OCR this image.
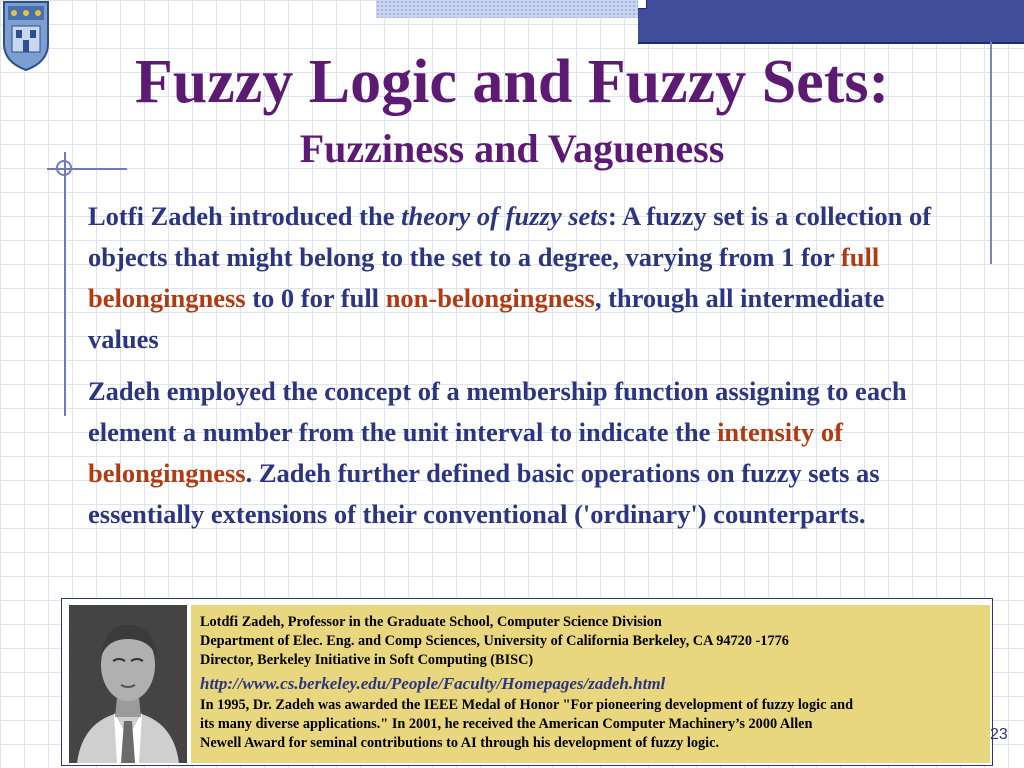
Fuzzy Logic and Fuzzy Sets:
Fuzziness and Vagueness

Lotfi Zadeh introduced the theory of fuzzy sets: A fuzzy set is a collection of objects that might belong to the set to a degree, varying from 1 for full belongingness to 0 for full non-belongingness, through all intermediate values

Zadeh employed the concept of a membership function assigning to each element a number from the unit interval to indicate the intensity of belongingness. Zadeh further defined basic operations on fuzzy sets as essentially extensions of their conventional ('ordinary') counterparts.

Lotdfi Zadeh, Professor in the Graduate School, Computer Science Division
Department of Elec. Eng. and Comp Sciences, University of California Berkeley, CA 94720 -1776
Director, Berkeley Initiative in Soft Computing (BISC)
http://www.cs.berkeley.edu/People/Faculty/Homepages/zadeh.html
In 1995, Dr. Zadeh was awarded the IEEE Medal of Honor "For pioneering development of fuzzy logic and
its many diverse applications." In 2001, he received the American Computer Machinery’s 2000 Allen
Newell Award for seminal contributions to AI through his development of fuzzy logic.
23
